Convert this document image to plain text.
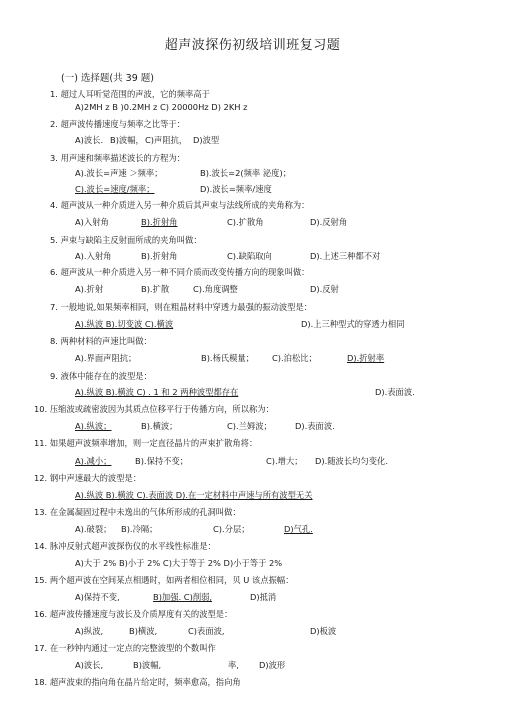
超声波探伤初级培训班复习题
(一) 选择题(共 39 题)
1. 超过人耳听觉范围的声波，它的频率高于
A)2MH z B )0.2MH z C) 20000Hz D) 2KH z
2. 超声波传播速度与频率之比等于：
A)波长. B)波幅， C)声阻抗， D)波型
3. 用声速和频率描述波长的方程为：
A).波长=声速 ＞频率；	B).波长=2(频率 泌度)；
C).波长=速度/频率；	D).波长=频率/速度
4. 超声波从一种介质进入另一种介质后其声束与法线所成的夹角称为：
A)入射角	B).折射角	C).扩散角	D).反射角
5. 声束与缺陷主反射面所成的夹角叫做：
A).入射角	B).折射角	C).缺陷取向	D).上述三种都不对
6. 超声波从一种介质进入另一种不同介质而改变传播方向的现象叫做：
A).折射	B).扩散	C).角度调整	D).反射
7. 一般地说,如果频率相同，则在粗晶材料中穿透力最强的振动波型是：
A).纵波 B).切变波 C).横波	D).上三种型式的穿透力相同
8. 两种材料的声速比叫做：
A).界面声阻抗；	B).杨氏模量； C).泊松比；	D).折射率
9. 液体中能存在的波型是：
A).纵波 B).横波 C) . 1 和 2 两种波型都存在	D).表面波.
10. 压缩波或疏密波因为其质点位移平行于传播方向，所以称为：
A).纵波；	B).横波；	C).兰姆波；	D).表面波.
11. 如果超声波频率增加，则一定直径晶片的声束扩散角将：
A).减小；	B).保持不变；	C).增大； D).随波长均匀变化.
12. 钢中声速最大的波型是：
A).纵波 B).横波 C).表面波 D).在一定材料中声速与所有波型无关
13. 在金属凝固过程中未逸出的气体所形成的孔洞叫做：
A).破裂； B).冷隔；	C).分层；	D)气孔.
14. 脉冲反射式超声波探伤仪的水平线性标准是：
A)大于 2% B)小于 2% C)大于等于 2% D)小于等于 2%
15. 两个超声波在空间某点相遇时，如两者相位相同，贝 U 该点振幅：
A)保持不变,	B)加强. C)削弱,	D)抵消
16. 超声波传播速度与波长及介质厚度有关的波型是：
A)纵波,	B)横波,	C)表面波,	D)板波
17. 在一秒钟内通过一定点的完整波型的个数叫作
A)波长,	B)波幅,	率, D)波形
18. 超声波束的指向角在晶片给定时，频率愈高，指向角
